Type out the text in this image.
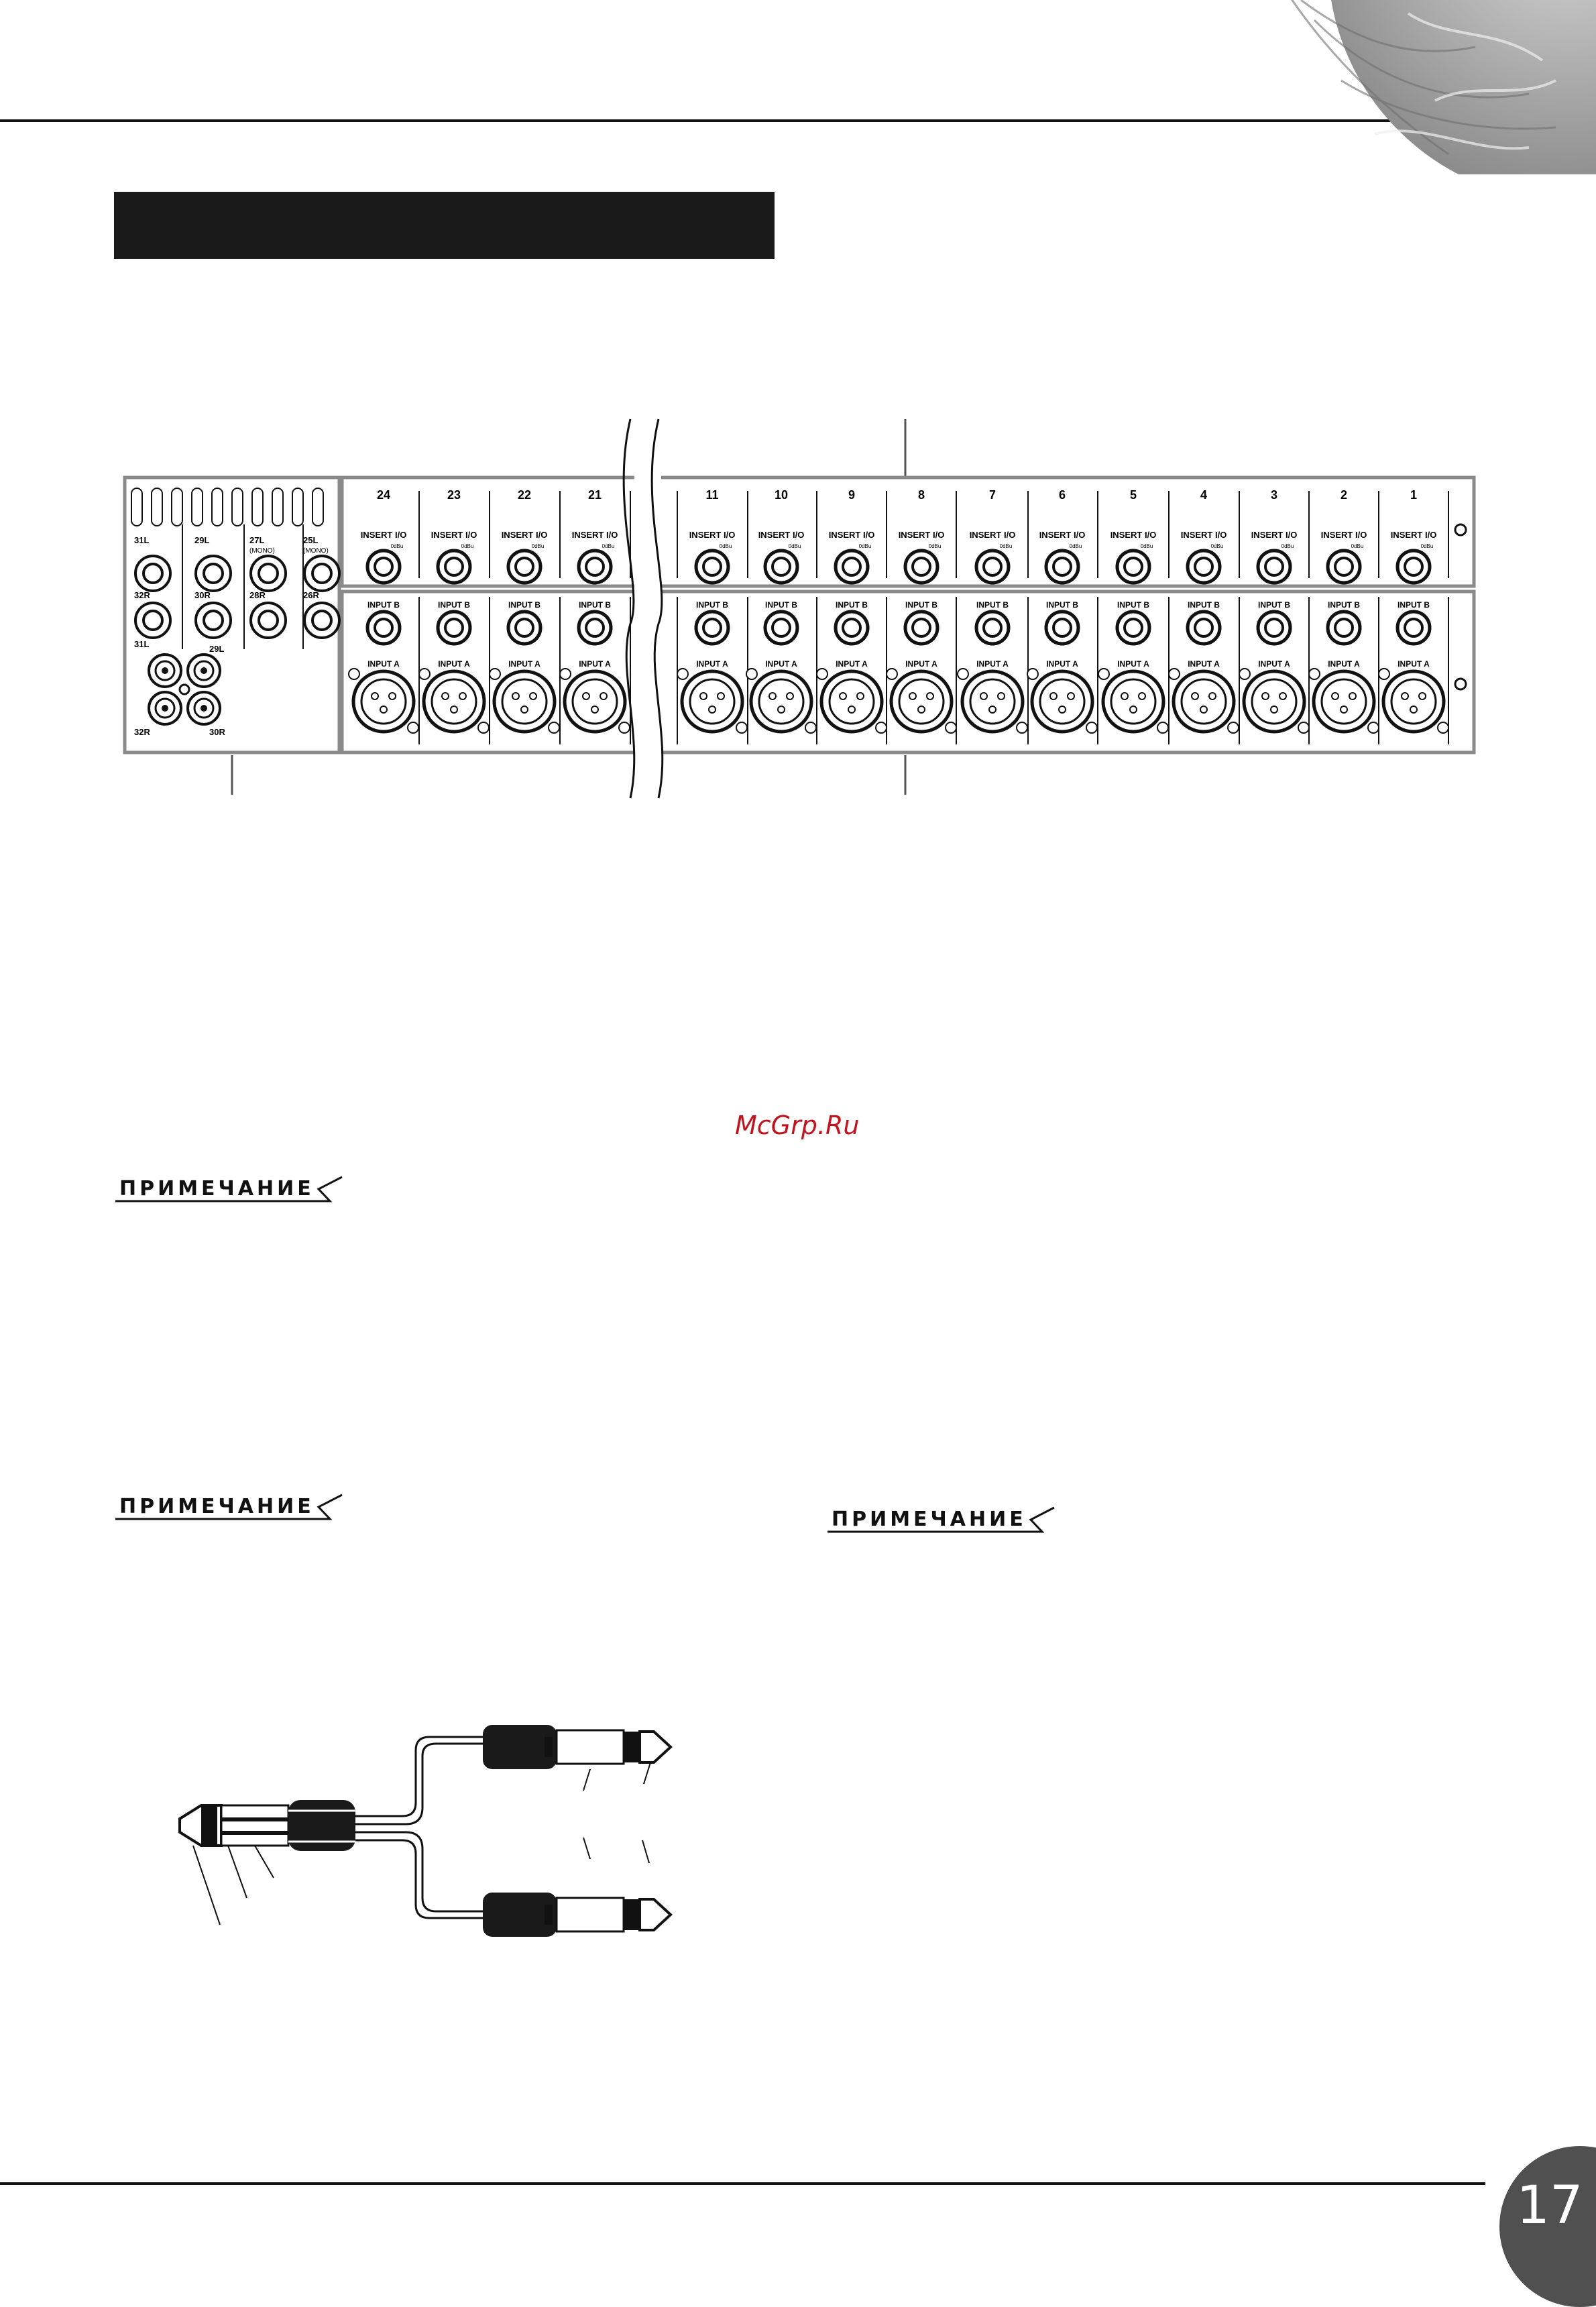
31L	29L	27L
(MONO)
25L
(MONO)
32R	30R	28R	26R
31L	29L
32R	30R
24
INSERT I/O
0dBu
INPUT B
INPUT A
23
INSERT I/O
0dBu
INPUT B
INPUT A
22
INSERT I/O
0dBu
INPUT B
INPUT A
21
INSERT I/O
0dBu
INPUT B
INPUT A
11
INSERT I/O
0dBu
INPUT B
INPUT A
10
INSERT I/O
0dBu
INPUT B
INPUT A
9
INSERT I/O
0dBu
INPUT B
INPUT A
8
INSERT I/O
0dBu
INPUT B
INPUT A
7
INSERT I/O
0dBu
INPUT B
INPUT A
6
INSERT I/O
0dBu
INPUT B
INPUT A
5
INSERT I/O
0dBu
INPUT B
INPUT A
4
INSERT I/O
0dBu
INPUT B
INPUT A
3
INSERT I/O
0dBu
INPUT B
INPUT A
2
INSERT I/O
0dBu
INPUT B
INPUT A
1
INSERT I/O
0dBu
INPUT B
INPUT A
McGrp.Ru
ПРИМЕЧАНИЕ
ПРИМЕЧАНИЕ
ПРИМЕЧАНИЕ
17
